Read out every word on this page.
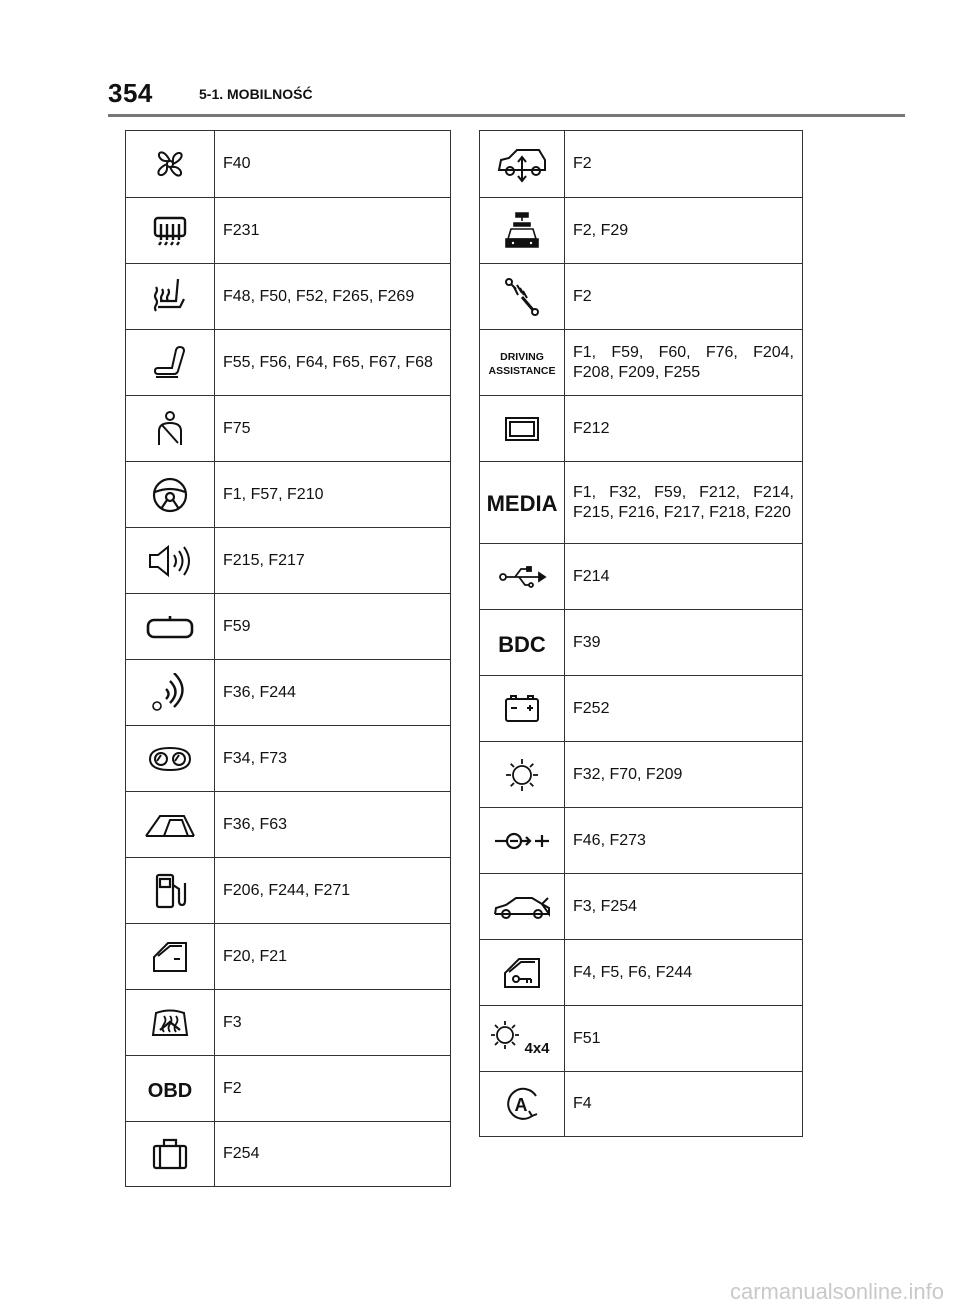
354	5-1. MOBILNOŚĆ
F40
F231
F48, F50, F52, F265, F269
F55, F56, F64, F65, F67, F68
F75
F1, F57, F210
F215, F217
F59
F36, F244
F34, F73
F36, F63
F206, F244, F271
F20, F21
F3
OBD F2
F254
F2
F2, F29
F2
DRIVING
ASSISTANCE
F1, F59, F60, F76, F204, F208, F209, F255
F212
MEDIA F1, F32, F59, F212, F214, F215, F216, F217, F218, F220
F214
BDC F39
F252
F32, F70, F209
F46, F273
F3, F254
F4, F5, F6, F244
4x4
F51
A	F4
carmanualsonline.info
